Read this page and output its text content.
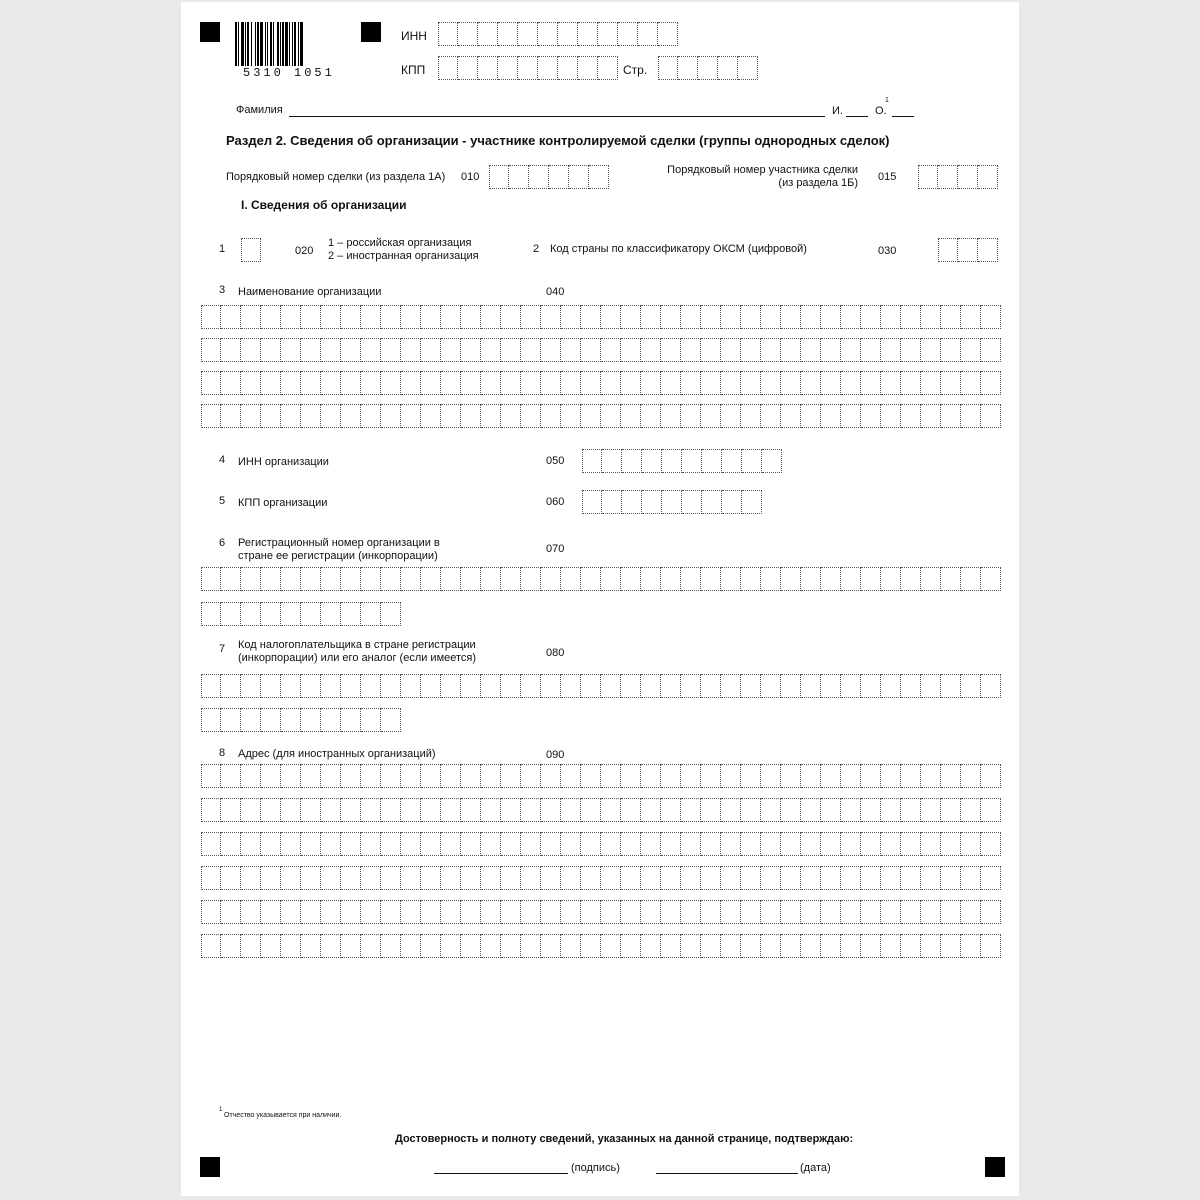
5310 1051
ИНН
КПП	Стр.
Фамилия	И.	О.
1
Раздел 2. Сведения об организации - участнике контролируемой сделки (группы однородных сделок)
Порядковый номер сделки (из раздела 1А) 010
Порядковый номер участника сделки
(из раздела 1Б) 015
I. Сведения об организации
1	020
1 – российская организация
2 – иностранная организация
2 Код страны по классификатору ОКСМ (цифровой)	030
3 Наименование организации	040
4 ИНН организации	050
5 КПП организации	060
6 Регистрационный номер организации в
стране ее регистрации (инкорпорации)
070
7 Код налогоплательщика в стране регистрации
(инкорпорации) или его аналог (если имеется)	080
8 Адрес (для иностранных организаций)	090
1
Отчество указывается при наличии.
Достоверность и полноту сведений, указанных на данной странице, подтверждаю:
(подпись)	(дата)
